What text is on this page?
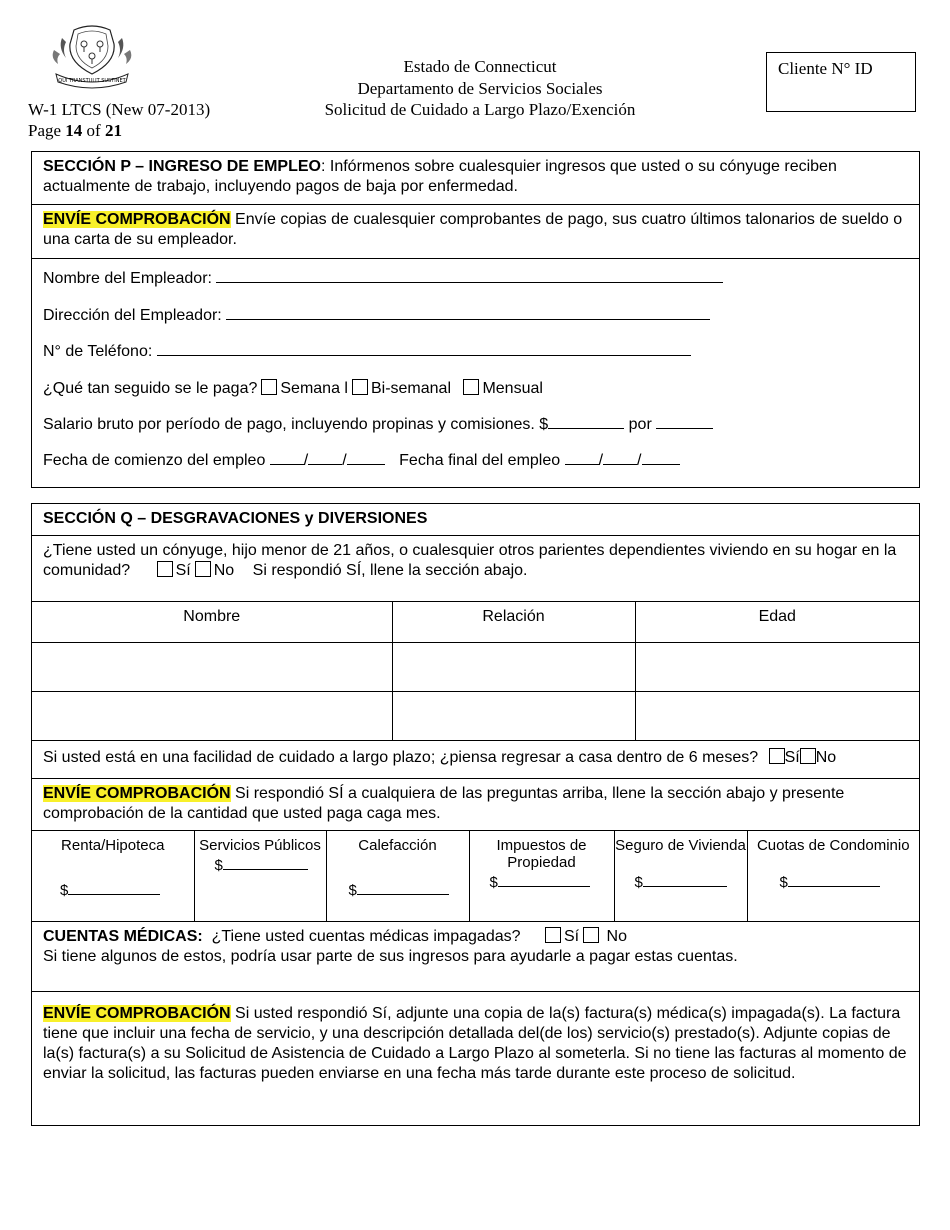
QUI TRANSTULIT SUSTINET
W-1 LTCS (New 07-2013)
Page 14 of 21
Estado de Connecticut
Departamento de Servicios Sociales
Solicitud de Cuidado a Largo Plazo/Exención
Cliente N° ID
SECCIÓN P – INGRESO DE EMPLEO: Infórmenos sobre cualesquier ingresos que usted o su cónyuge reciben actualmente de trabajo, incluyendo pagos de baja por enfermedad.
ENVÍE COMPROBACIÓN Envíe copias de cualesquier comprobantes de pago, sus cuatro últimos talonarios de sueldo o una carta de su empleador.
Nombre del Empleador:
Dirección del Empleador:
N° de Teléfono:
¿Qué tan seguido se le paga? Semana l Bi-semanal Mensual
Salario bruto por período de pago, incluyendo propinas y comisiones. $	por
Fecha de comienzo del empleo / /	Fecha final del empleo / /
SECCIÓN Q – DESGRAVACIONES y DIVERSIONES
¿Tiene usted un cónyuge, hijo menor de 21 años, o cualesquier otros parientes dependientes viviendo en su hogar en la comunidad?	Sí No Si respondió SÍ, llene la sección abajo.
Nombre	Relación	Edad

Si usted está en una facilidad de cuidado a largo plazo; ¿piensa regresar a casa dentro de 6 meses? Sí No
ENVÍE COMPROBACIÓN Si respondió SÍ a cualquiera de las preguntas arriba, llene la sección abajo y presente comprobación de la cantidad que usted paga caga mes.
Renta/Hipoteca
$

Servicios Públicos
$

Calefacción
$

Impuestos de Propiedad
$

Seguro de Vivienda
$

Cuotas de Condominio
$
CUENTAS MÉDICAS: ¿Tiene usted cuentas médicas impagadas?	Sí No
Si tiene algunos de estos, podría usar parte de sus ingresos para ayudarle a pagar estas cuentas.
ENVÍE COMPROBACIÓN Si usted respondió Sí, adjunte una copia de la(s) factura(s) médica(s) impagada(s). La factura tiene que incluir una fecha de servicio, y una descripción detallada del(de los) servicio(s) prestado(s). Adjunte copias de la(s) factura(s) a su Solicitud de Asistencia de Cuidado a Largo Plazo al someterla. Si no tiene las facturas al momento de enviar la solicitud, las facturas pueden enviarse en una fecha más tarde durante este proceso de solicitud.
